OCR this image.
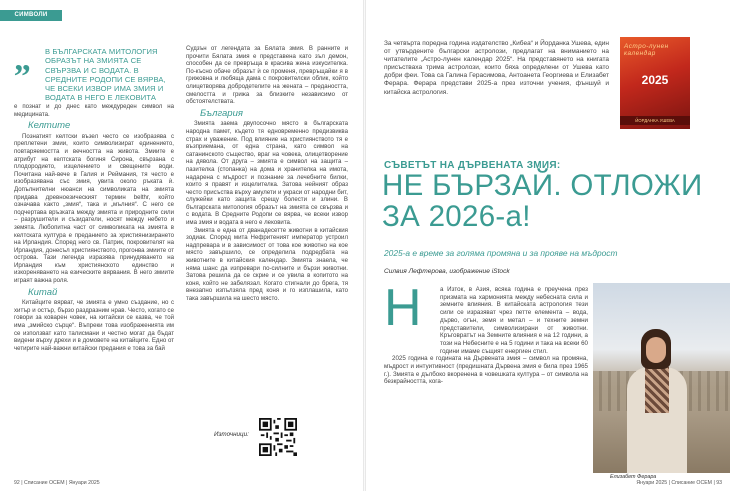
СИМВОЛИ
„ В БЪЛГАРСКАТА МИТОЛОГИЯ ОБРАЗЪТ НА ЗМИЯТА СЕ СВЪРЗВА И С ВОДАТА. В СРЕДНИТЕ РОДОПИ СЕ ВЯРВА, ЧЕ ВСЕКИ ИЗВОР ИМА ЗМИЯ И ВОДАТА В НЕГО Е ЛЕКОВИТА

е познат и до днес като междуреден символ на медицината.

Келтите

Познатият келтски възел често се изобразява с преплетени змии, които символизират единението, повтаряемостта и вечността на живота. Змиите е атрибут на келтската богиня Сирона, свързана с плодородието, изцелението и свещените води. Почитана най-вече в Галия и Реймания, тя често е изобразявана със змия, увита около ръката ѝ. Допълнителни нюанси на символиката на змията придава древноезическият термин belthr, който означава както „змия“, така и „мълния“. С него се подчертава връзката между змията и природните сили – разрушители и съзидатели, носят между небето и земята. Любопитна част от символиката на змията в келтската култура е преданието за християнизирането на Ирландия. Според него св. Патрик, покровителят на Ирландия, донесъл християнството, прогонва змиите от острова. Тази легенда изразява принудяването на Ирландия към християнското единство и изкореняването на езическите вярвания. В него змиите играят важна роля.

Китай

Китайците вярват, че змията е умно създание, но с хитър и остър, бързо раздразним нрав. Често, когато се говори за коварен човек, на китайски се казва, че той има „змийско сърце“. Въпреки това изображенията им се използват като талисмани и честно могат да бъдат видени върху дрехи и в домовете на китайците. Едно от четирите най-важни китайски предания е това за бай

Судзън от легендата за Бялата змия. В ранните и прочити Бялата змия е представена като зъл демон, способен да се превръща в красива жена изкусителка. По-късно обаче образът ѝ се променя, превръщайки я в грижовна и любяща дама с покровителски облик, който олицетворява добродетелите на жената – предаността, смелостта и грижа за близките независимо от обстоятелствата.

България

Змията заема двупосочно място в българската народна памет, където тя едновременно предизвиква страх и уважение. Под влияние на християнството тя е възприемана, от една страна, като символ на сатанинското същество, враг на човека, олицетворение на дявола. От друга – змията е символ на защита – пазителка (стопанка) на дома и хранителка на имота, надарена с мъдрост и познание за лечебните билки, които я правят и изцелителка. Затова нейният образ често присъства върху амулети и украси от народни бит, служейки като защита срещу болести и злини. В българската митология образът на змията се свързва и с водата. В Средните Родопи се вярва, че всеки извор има змия и водата в него е лековита.

Змията е една от дванадесетте животни в китайския зодиак. Според мита Нефритеният император устроил надпревара и в зависимост от това кое животно на кое място завършило, се определила подредбата на животните в китайския календар. Змията знаела, че няма шанс да изпревари по-силните и бързи животни. Затова решила да се скрие и се увила в копитото на коня, който не забелязал. Когато стигнали до брега, тя внезапно изпълзяла пред коня и го изплашила, като така завършила на шесто място.

Източници:
92 | Списание ОСЕМ | Януари 2025

За четвърта поредна година издателство „Кибеа“ и Йорданка Ушева, един от утвърдените български астролози, предлагат на вниманието на читателите „Астро-лунен календар 2025“. На представянето на книгата присъстваха трима астролози, които бяха определени от Ушева като добри феи. Това са Галина Герасимова, Антоанета Георгиева и Елизабет Ферара. Ферара представи 2025-а през източни учения, фъншуй и китайска астрология.

Астро-лунен календар
2025
ЙОРДАНКА УШЕВА
СЪВЕТЪТ НА ДЪРВЕНАТА ЗМИЯ:
НЕ БЪРЗАЙ. ОТЛОЖИ ЗА 2026-а!
2025-а е време за голяма промяна и за прояве на мъдрост
Силвия Лефтерова, изображение iStock
Н	а Изток, в Азия, всяка година е преучена през призмата на хармонията между небесната сила и земните влияния. В китайската астрология тези сили се изразяват чрез петте елемента – вода, дърво, огън, земя и метал – и техните земни представители, символизирани от животни. Кръговратът на Земните влияния е на 12 години, а този на Небесните е на 5 години и така на всеки 60 години имаме същият енергиен стил.

2025 година е годината на Дървената змия – символ на промяна, мъдрост и интуитивност (предишната Дървена змия е била през 1965 г.). Змията е дълбоко вкоренена в човешката култура – от символа на безкрайността, кога-

Елизабет Ферара
Януари 2025 | Списание ОСЕМ | 93
